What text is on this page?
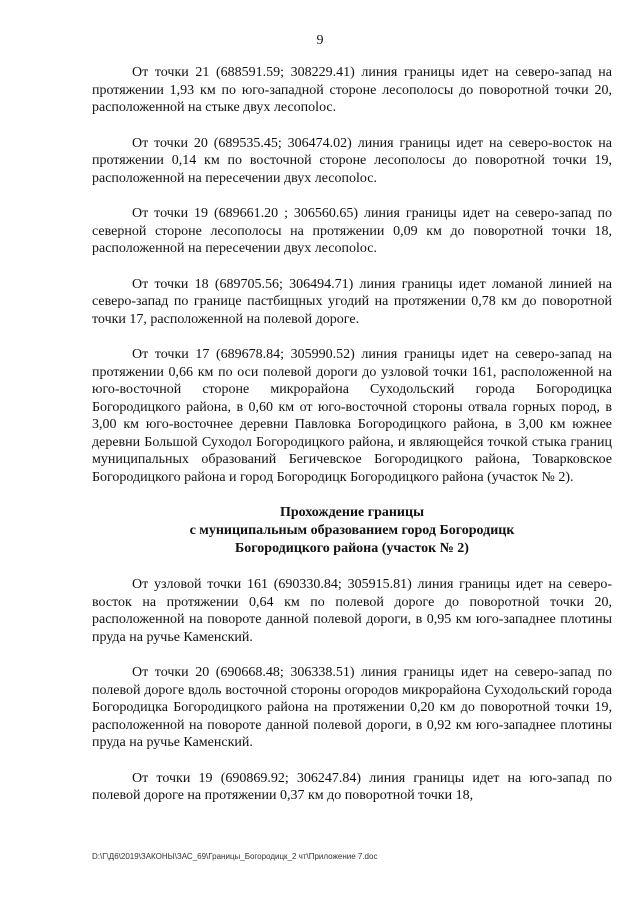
9

От точки 21 (688591.59; 308229.41) линия границы идет на северо-запад на протяжении 1,93 км по юго-западной стороне лесополосы до поворотной точки 20, расположенной на стыке двух лесопolос.

От точки 20 (689535.45; 306474.02) линия границы идет на северо-восток на протяжении 0,14 км по восточной стороне лесополосы до поворотной точки 19, расположенной на пересечении двух лесопolос.

От точки 19 (689661.20 ; 306560.65) линия границы идет на северо-запад по северной стороне лесополосы на протяжении 0,09 км до поворотной точки 18, расположенной на пересечении двух лесопolос.

От точки 18 (689705.56; 306494.71) линия границы идет ломаной линией на северо-запад по границе пастбищных угодий на протяжении 0,78 км до поворотной точки 17, расположенной на полевой дороге.

От точки 17 (689678.84; 305990.52) линия границы идет на северо-запад на протяжении 0,66 км по оси полевой дороги до узловой точки 161, расположенной на юго-восточной стороне микрорайона Суходольский города Богородицка Богородицкого района, в 0,60 км от юго-восточной стороны отвала горных пород, в 3,00 км юго-восточнее деревни Павловка Богородицкого района, в 3,00 км южнее деревни Большой Суходол Богородицкого района, и являющейся точкой стыка границ муниципальных образований Бегичевское Богородицкого района, Товарковское Богородицкого района и город Богородицк Богородицкого района (участок № 2).

Прохождение границы
с муниципальным образованием город Богородицк
Богородицкого района (участок № 2)

От узловой точки 161 (690330.84; 305915.81) линия границы идет на северо-восток на протяжении 0,64 км по полевой дороге до поворотной точки 20, расположенной на повороте данной полевой дороги, в 0,95 км юго-западнее плотины пруда на ручье Каменский.

От точки 20 (690668.48; 306338.51) линия границы идет на северо-запад по полевой дороге вдоль восточной стороны огородов микрорайона Суходольский города Богородицка Богородицкого района на протяжении 0,20 км до поворотной точки 19, расположенной на повороте данной полевой дороги, в 0,92 км юго-западнее плотины пруда на ручье Каменский.

От точки 19 (690869.92; 306247.84) линия границы идет на юго-запад по полевой дороге на протяжении 0,37 км до поворотной точки 18,

D:\Г\Д6\2019\ЗАКОНЫ\ЗАС_69\Границы_Богородицк_2 чт\Приложение 7.doc
